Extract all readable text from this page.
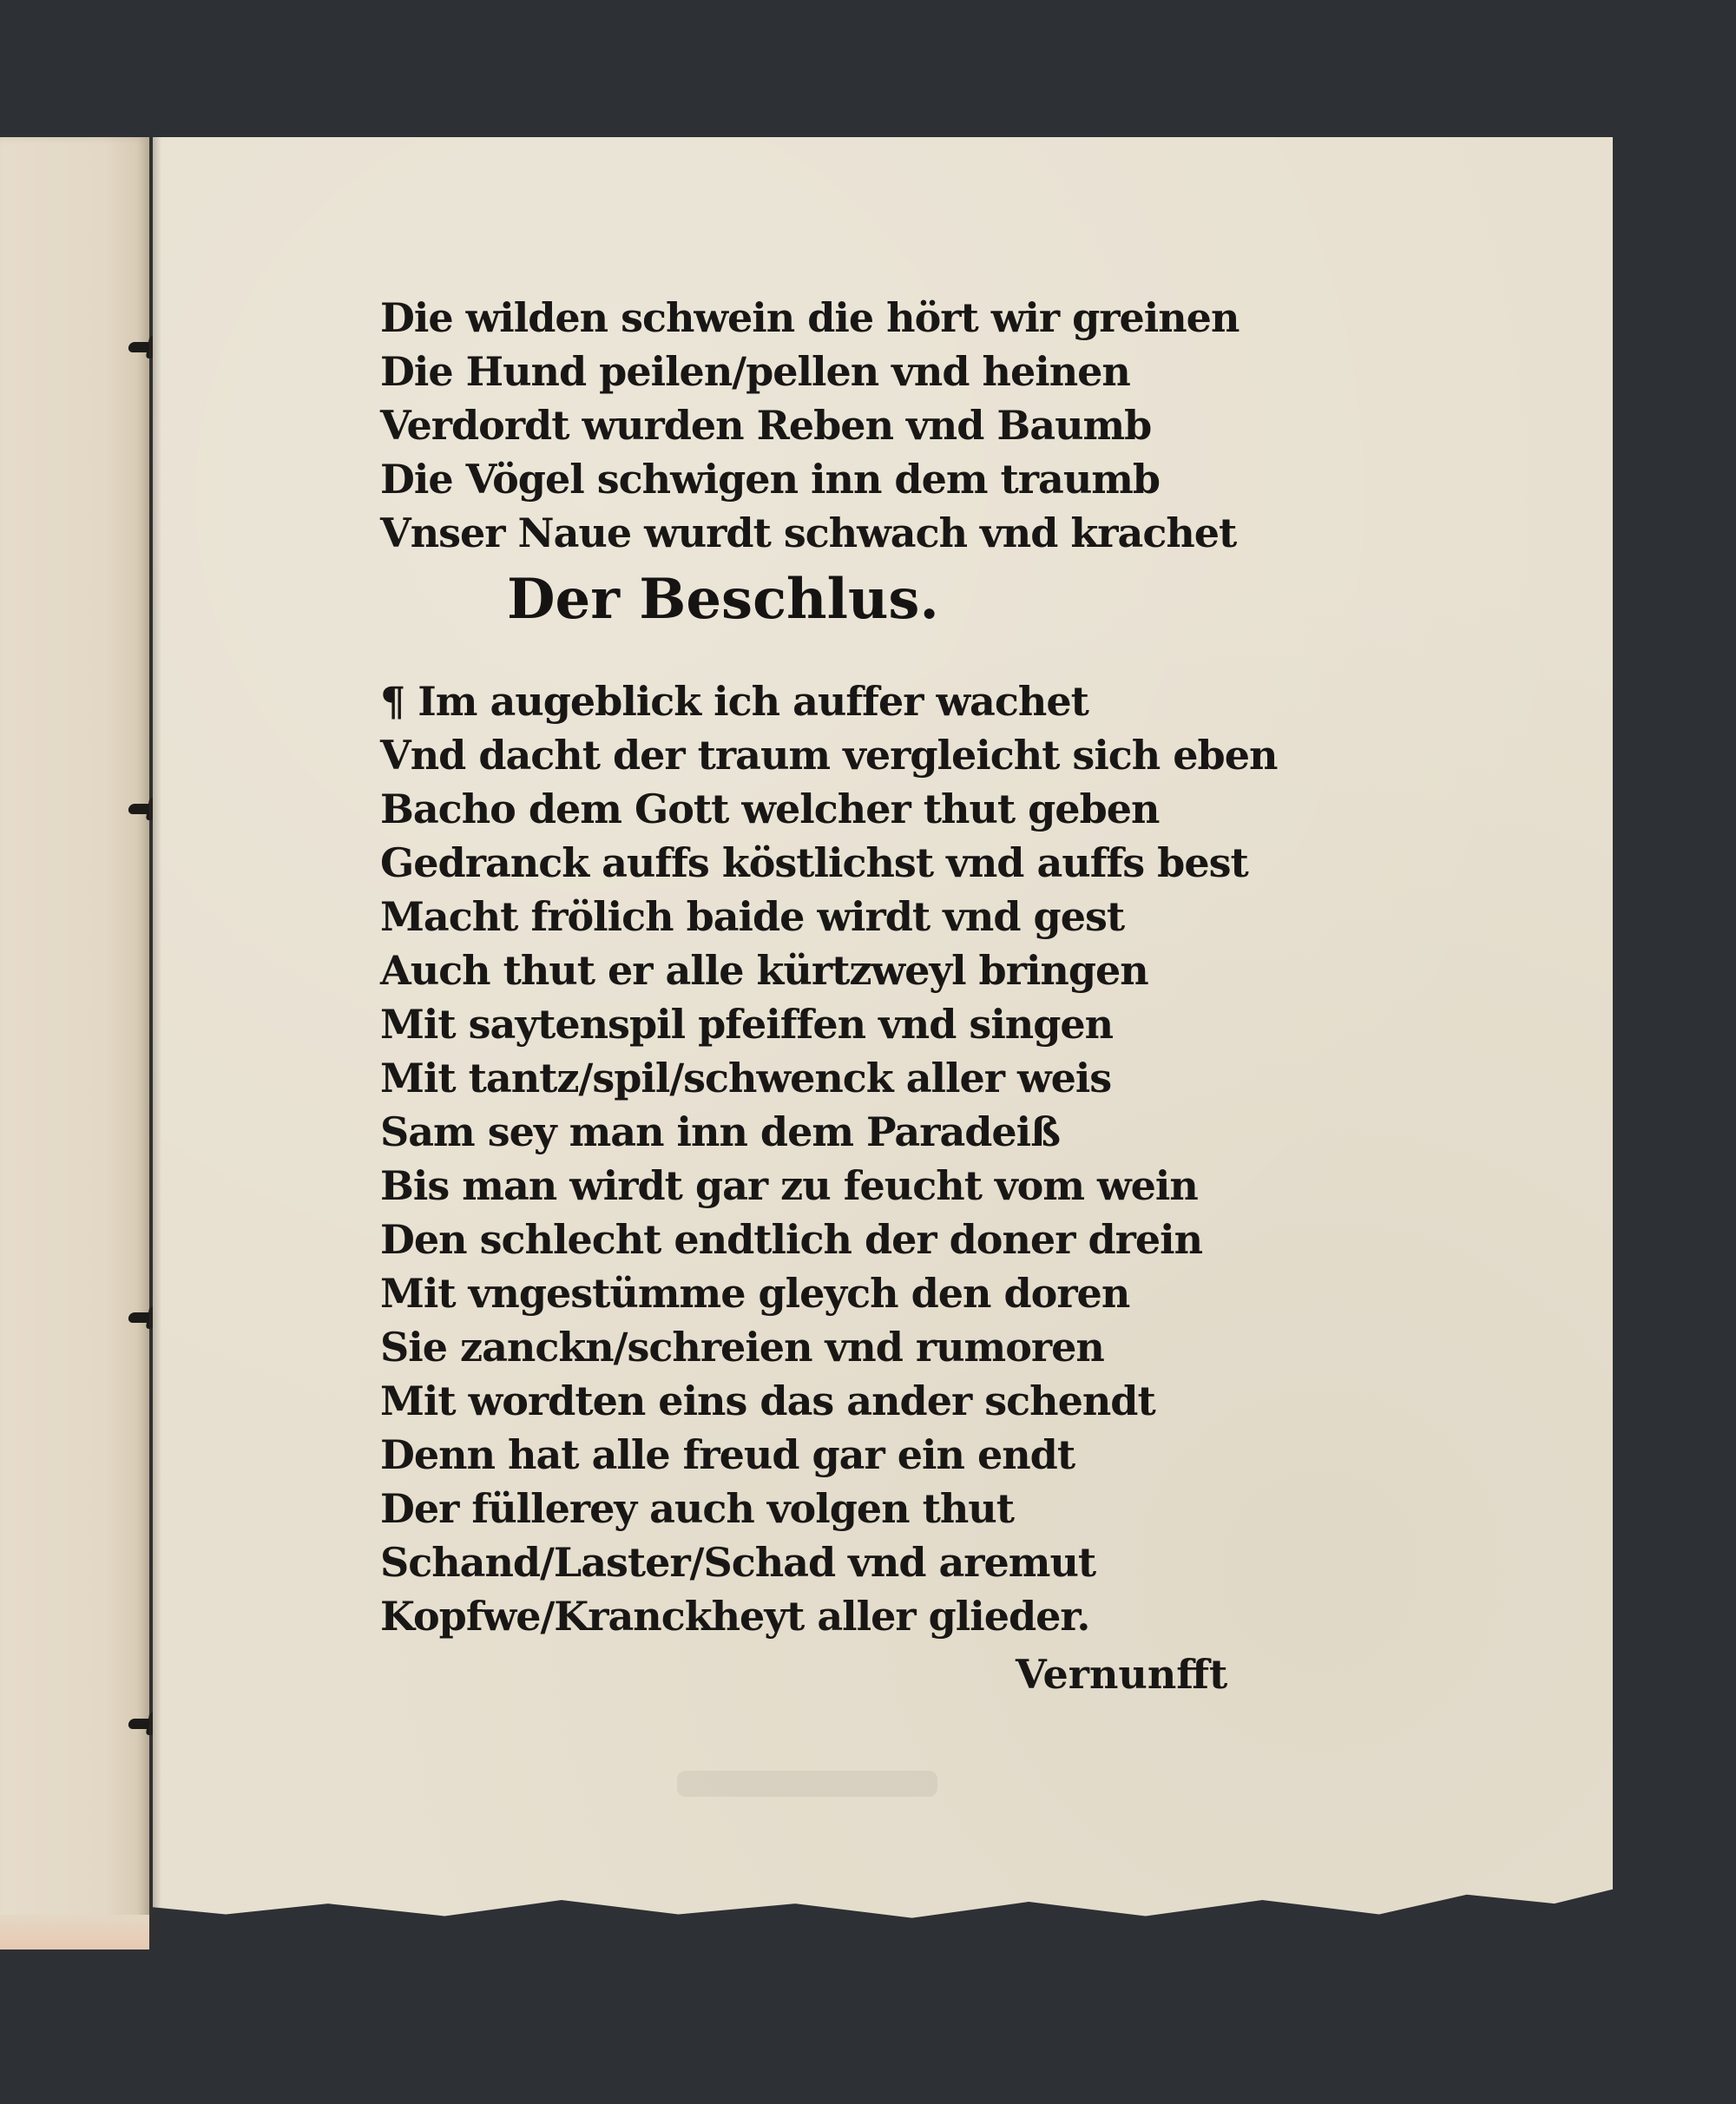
Die wilden schwein die hört wir greinen
Die Hund peilen/pellen vnd heinen
Verdordt wurden Reben vnd Baumb
Die Vögel schwigen inn dem traumb
Vnser Naue wurdt schwach vnd krachet
Der Beschlus.
¶ Im augeblick ich auffer wachet
Vnd dacht der traum vergleicht sich eben
Bacho dem Gott welcher thut geben
Gedranck auffs köstlichst vnd auffs best
Macht frölich baide wirdt vnd gest
Auch thut er alle kürtzweyl bringen
Mit saytenspil pfeiffen vnd singen
Mit tantz/spil/schwenck aller weis
Sam sey man inn dem Paradeiß
Bis man wirdt gar zu feucht vom wein
Den schlecht endtlich der doner drein
Mit vngestümme gleych den doren
Sie zanckn/schreien vnd rumoren
Mit wordten eins das ander schendt
Denn hat alle freud gar ein endt
Der füllerey auch volgen thut
Schand/Laster/Schad vnd aremut
Kopfwe/Kranckheyt aller glieder.
Vernunfft
